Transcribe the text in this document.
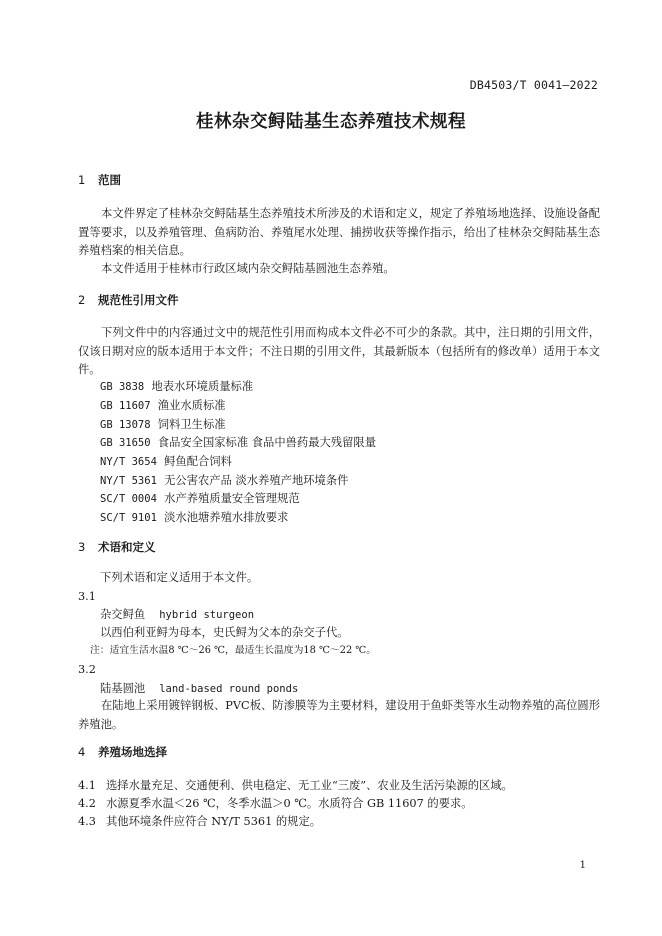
DB4503/T 0041—2022
桂林杂交鲟陆基生态养殖技术规程
1 范围
本文件界定了桂林杂交鲟陆基生态养殖技术所涉及的术语和定义，规定了养殖场地选择、设施设备配置等要求，以及养殖管理、鱼病防治、养殖尾水处理、捕捞收获等操作指示，给出了桂林杂交鲟陆基生态养殖档案的相关信息。
本文件适用于桂林市行政区域内杂交鲟陆基圆池生态养殖。
2 规范性引用文件
下列文件中的内容通过文中的规范性引用而构成本文件必不可少的条款。其中，注日期的引用文件，仅该日期对应的版本适用于本文件；不注日期的引用文件，其最新版本（包括所有的修改单）适用于本文件。
GB 3838 地表水环境质量标准
GB 11607 渔业水质标准
GB 13078 饲料卫生标准
GB 31650 食品安全国家标准 食品中兽药最大残留限量
NY/T 3654 鲟鱼配合饲料
NY/T 5361 无公害农产品 淡水养殖产地环境条件
SC/T 0004 水产养殖质量安全管理规范
SC/T 9101 淡水池塘养殖水排放要求
3 术语和定义
下列术语和定义适用于本文件。
3.1
杂交鲟鱼 hybrid sturgeon
以西伯利亚鲟为母本，史氏鲟为父本的杂交子代。
注：适宜生活水温8 ℃～26 ℃，最适生长温度为18 ℃～22 ℃。
3.2
陆基圆池 land-based round ponds
在陆地上采用镀锌钢板、PVC板、防渗膜等为主要材料，建设用于鱼虾类等水生动物养殖的高位圆形养殖池。
4 养殖场地选择
4.1 选择水量充足、交通便利、供电稳定、无工业“三废”、农业及生活污染源的区域。
4.2 水源夏季水温＜26 ℃，冬季水温＞0 ℃。水质符合 GB 11607 的要求。
4.3 其他环境条件应符合 NY/T 5361 的规定。
1
